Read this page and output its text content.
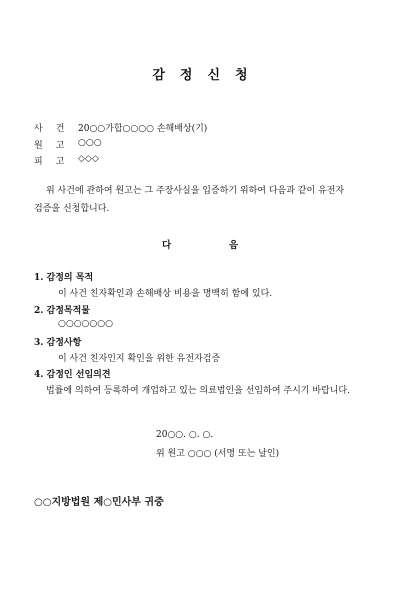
감정신청
사건 20○○가합○○○○ 손해배상(기)
원고 ○○○
피고 ◇◇◇
위 사건에 관하여 원고는 그 주장사실을 입증하기 위하여 다음과 같이 유전자
검증을 신청합니다.
다	음
1. 감정의 목적
이 사건 친자확인과 손해배상 비용을 명백히 함에 있다.
2. 감정목적물
○○○○○○○
3. 감정사항
이 사건 친자인지 확인을 위한 유전자검증
4. 감정인 선임의견
법률에 의하여 등록하여 개업하고 있는 의료법인을 선임하여 주시기 바랍니다.
20○○. ○. ○.
위 원고 ○○○ (서명 또는 날인)
○○지방법원 제○민사부 귀중
